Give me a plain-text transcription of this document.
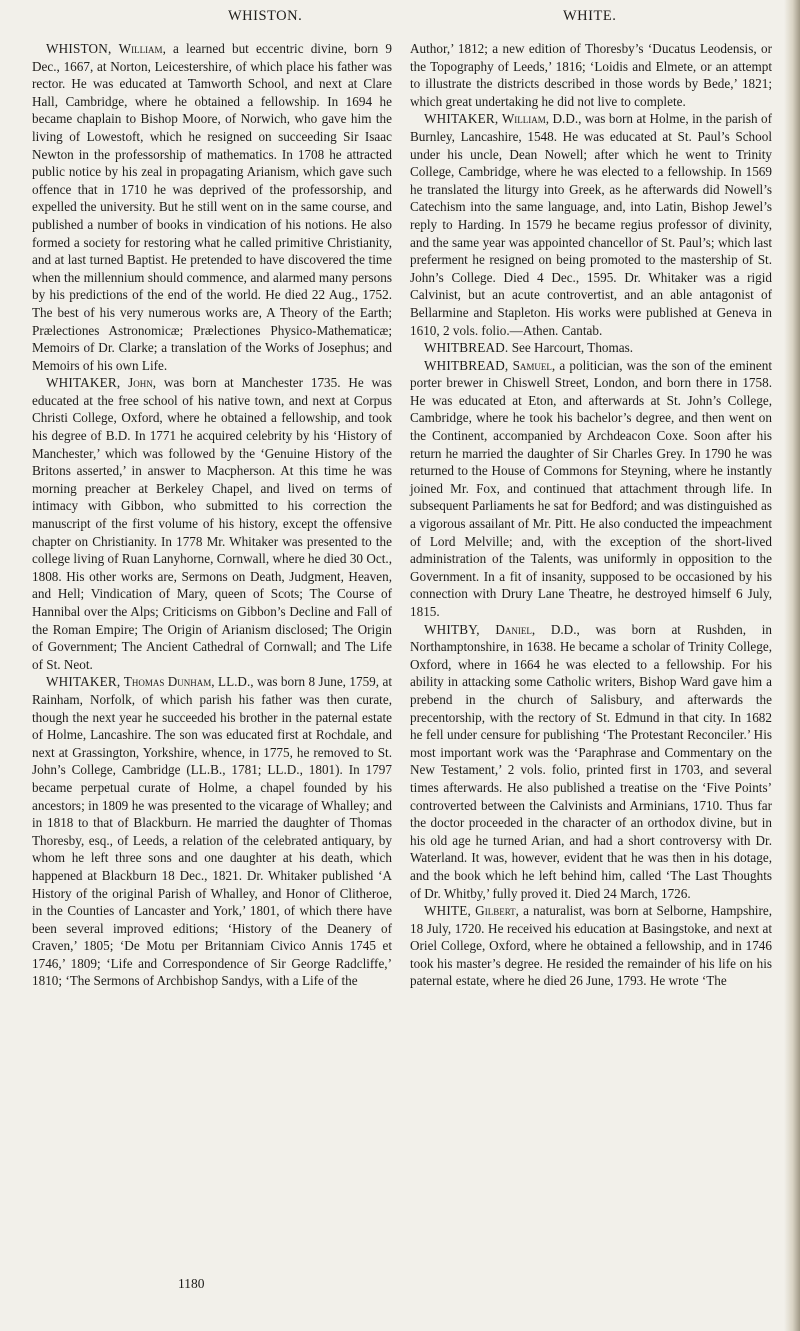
WHISTON.	WHITE.

WHISTON, William, a learned but eccentric divine, born 9 Dec., 1667, at Norton, Leicestershire, of which place his father was rector. He was educated at Tamworth School, and next at Clare Hall, Cambridge, where he obtained a fellowship. In 1694 he became chaplain to Bishop Moore, of Norwich, who gave him the living of Lowestoft, which he resigned on succeeding Sir Isaac Newton in the professorship of mathematics. In 1708 he attracted public notice by his zeal in propagating Arianism, which gave such offence that in 1710 he was deprived of the professorship, and expelled the university. But he still went on in the same course, and published a number of books in vindication of his notions. He also formed a society for restoring what he called primitive Christianity, and at last turned Baptist. He pretended to have discovered the time when the millennium should commence, and alarmed many persons by his predictions of the end of the world. He died 22 Aug., 1752. The best of his very numerous works are, A Theory of the Earth; Prælectiones Astronomicæ; Prælectiones Physico-Mathematicæ; Memoirs of Dr. Clarke; a translation of the Works of Josephus; and Memoirs of his own Life.

WHITAKER, John, was born at Manchester 1735. He was educated at the free school of his native town, and next at Corpus Christi College, Oxford, where he obtained a fellowship, and took his degree of B.D. In 1771 he acquired celebrity by his ‘History of Manchester,’ which was followed by the ‘Genuine History of the Britons asserted,’ in answer to Macpherson. At this time he was morning preacher at Berkeley Chapel, and lived on terms of intimacy with Gibbon, who submitted to his correction the manuscript of the first volume of his history, except the offensive chapter on Christianity. In 1778 Mr. Whitaker was presented to the college living of Ruan Lanyhorne, Cornwall, where he died 30 Oct., 1808. His other works are, Sermons on Death, Judgment, Heaven, and Hell; Vindication of Mary, queen of Scots; The Course of Hannibal over the Alps; Criticisms on Gibbon’s Decline and Fall of the Roman Empire; The Origin of Arianism disclosed; The Origin of Government; The Ancient Cathedral of Cornwall; and The Life of St. Neot.

WHITAKER, Thomas Dunham, LL.D., was born 8 June, 1759, at Rainham, Norfolk, of which parish his father was then curate, though the next year he succeeded his brother in the paternal estate of Holme, Lancashire. The son was educated first at Rochdale, and next at Grassington, Yorkshire, whence, in 1775, he removed to St. John’s College, Cambridge (LL.B., 1781; LL.D., 1801). In 1797 became perpetual curate of Holme, a chapel founded by his ancestors; in 1809 he was presented to the vicarage of Whalley; and in 1818 to that of Blackburn. He married the daughter of Thomas Thoresby, esq., of Leeds, a relation of the celebrated antiquary, by whom he left three sons and one daughter at his death, which happened at Blackburn 18 Dec., 1821. Dr. Whitaker published ‘A History of the original Parish of Whalley, and Honor of Clitheroe, in the Counties of Lancaster and York,’ 1801, of which there have been several improved editions; ‘History of the Deanery of Craven,’ 1805; ‘De Motu per Britanniam Civico Annis 1745 et 1746,’ 1809; ‘Life and Correspondence of Sir George Radcliffe,’ 1810; ‘The Sermons of Archbishop Sandys, with a Life of the

Author,’ 1812; a new edition of Thoresby’s ‘Ducatus Leodensis, or the Topography of Leeds,’ 1816; ‘Loidis and Elmete, or an attempt to illustrate the districts described in those words by Bede,’ 1821; which great undertaking he did not live to complete.

WHITAKER, William, D.D., was born at Holme, in the parish of Burnley, Lancashire, 1548. He was educated at St. Paul’s School under his uncle, Dean Nowell; after which he went to Trinity College, Cambridge, where he was elected to a fellowship. In 1569 he translated the liturgy into Greek, as he afterwards did Nowell’s Catechism into the same language, and, into Latin, Bishop Jewel’s reply to Harding. In 1579 he became regius professor of divinity, and the same year was appointed chancellor of St. Paul’s; which last preferment he resigned on being promoted to the mastership of St. John’s College. Died 4 Dec., 1595. Dr. Whitaker was a rigid Calvinist, but an acute controvertist, and an able antagonist of Bellarmine and Stapleton. His works were published at Geneva in 1610, 2 vols. folio.—Athen. Cantab.

WHITBREAD. See Harcourt, Thomas.

WHITBREAD, Samuel, a politician, was the son of the eminent porter brewer in Chiswell Street, London, and born there in 1758. He was educated at Eton, and afterwards at St. John’s College, Cambridge, where he took his bachelor’s degree, and then went on the Continent, accompanied by Archdeacon Coxe. Soon after his return he married the daughter of Sir Charles Grey. In 1790 he was returned to the House of Commons for Steyning, where he instantly joined Mr. Fox, and continued that attachment through life. In subsequent Parliaments he sat for Bedford; and was distinguished as a vigorous assailant of Mr. Pitt. He also conducted the impeachment of Lord Melville; and, with the exception of the short-lived administration of the Talents, was uniformly in opposition to the Government. In a fit of insanity, supposed to be occasioned by his connection with Drury Lane Theatre, he destroyed himself 6 July, 1815.

WHITBY, Daniel, D.D., was born at Rushden, in Northamptonshire, in 1638. He became a scholar of Trinity College, Oxford, where in 1664 he was elected to a fellowship. For his ability in attacking some Catholic writers, Bishop Ward gave him a prebend in the church of Salisbury, and afterwards the precentorship, with the rectory of St. Edmund in that city. In 1682 he fell under censure for publishing ‘The Protestant Reconciler.’ His most important work was the ‘Paraphrase and Commentary on the New Testament,’ 2 vols. folio, printed first in 1703, and several times afterwards. He also published a treatise on the ‘Five Points’ controverted between the Calvinists and Arminians, 1710. Thus far the doctor proceeded in the character of an orthodox divine, but in his old age he turned Arian, and had a short controversy with Dr. Waterland. It was, however, evident that he was then in his dotage, and the book which he left behind him, called ‘The Last Thoughts of Dr. Whitby,’ fully proved it. Died 24 March, 1726.

WHITE, Gilbert, a naturalist, was born at Selborne, Hampshire, 18 July, 1720. He received his education at Basingstoke, and next at Oriel College, Oxford, where he obtained a fellowship, and in 1746 took his master’s degree. He resided the remainder of his life on his paternal estate, where he died 26 June, 1793. He wrote ‘The

1180
